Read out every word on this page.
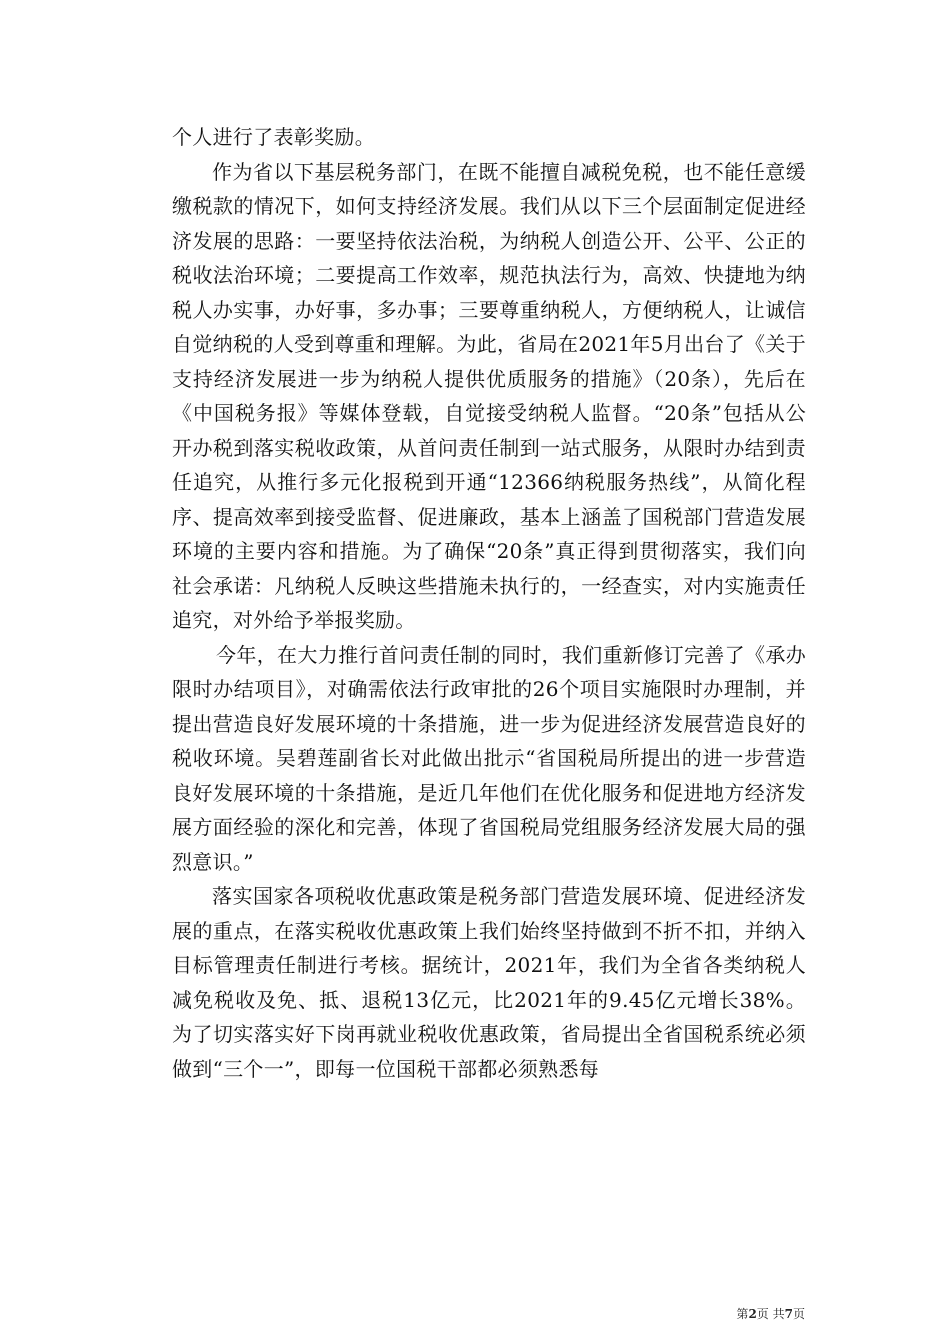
个人进行了表彰奖励。

作为省以下基层税务部门，在既不能擅自减税免税，也不能任意缓缴税款的情况下，如何支持经济发展。我们从以下三个层面制定促进经济发展的思路：一要坚持依法治税，为纳税人创造公开、公平、公正的税收法治环境；二要提高工作效率，规范执法行为，高效、快捷地为纳税人办实事，办好事，多办事；三要尊重纳税人，方便纳税人，让诚信自觉纳税的人受到尊重和理解。为此，省局在2021年5月出台了《关于支持经济发展进一步为纳税人提供优质服务的措施》（20条），先后在《中国税务报》等媒体登载，自觉接受纳税人监督。“20条”包括从公开办税到落实税收政策，从首问责任制到一站式服务，从限时办结到责任追究，从推行多元化报税到开通“12366纳税服务热线”，从简化程序、提高效率到接受监督、促进廉政，基本上涵盖了国税部门营造发展环境的主要内容和措施。为了确保“20条”真正得到贯彻落实，我们向社会承诺：凡纳税人反映这些措施未执行的，一经查实，对内实施责任追究，对外给予举报奖励。

今年，在大力推行首问责任制的同时，我们重新修订完善了《承办限时办结项目》，对确需依法行政审批的26个项目实施限时办理制，并提出营造良好发展环境的十条措施，进一步为促进经济发展营造良好的税收环境。吴碧莲副省长对此做出批示“省国税局所提出的进一步营造良好发展环境的十条措施，是近几年他们在优化服务和促进地方经济发展方面经验的深化和完善，体现了省国税局党组服务经济发展大局的强烈意识。”

落实国家各项税收优惠政策是税务部门营造发展环境、促进经济发展的重点，在落实税收优惠政策上我们始终坚持做到不折不扣，并纳入目标管理责任制进行考核。据统计，2021年，我们为全省各类纳税人减免税收及免、抵、退税13亿元，比2021年的9.45亿元增长38%。为了切实落实好下岗再就业税收优惠政策，省局提出全省国税系统必须做到“三个一”，即每一位国税干部都必须熟悉每

第2页 共7页
